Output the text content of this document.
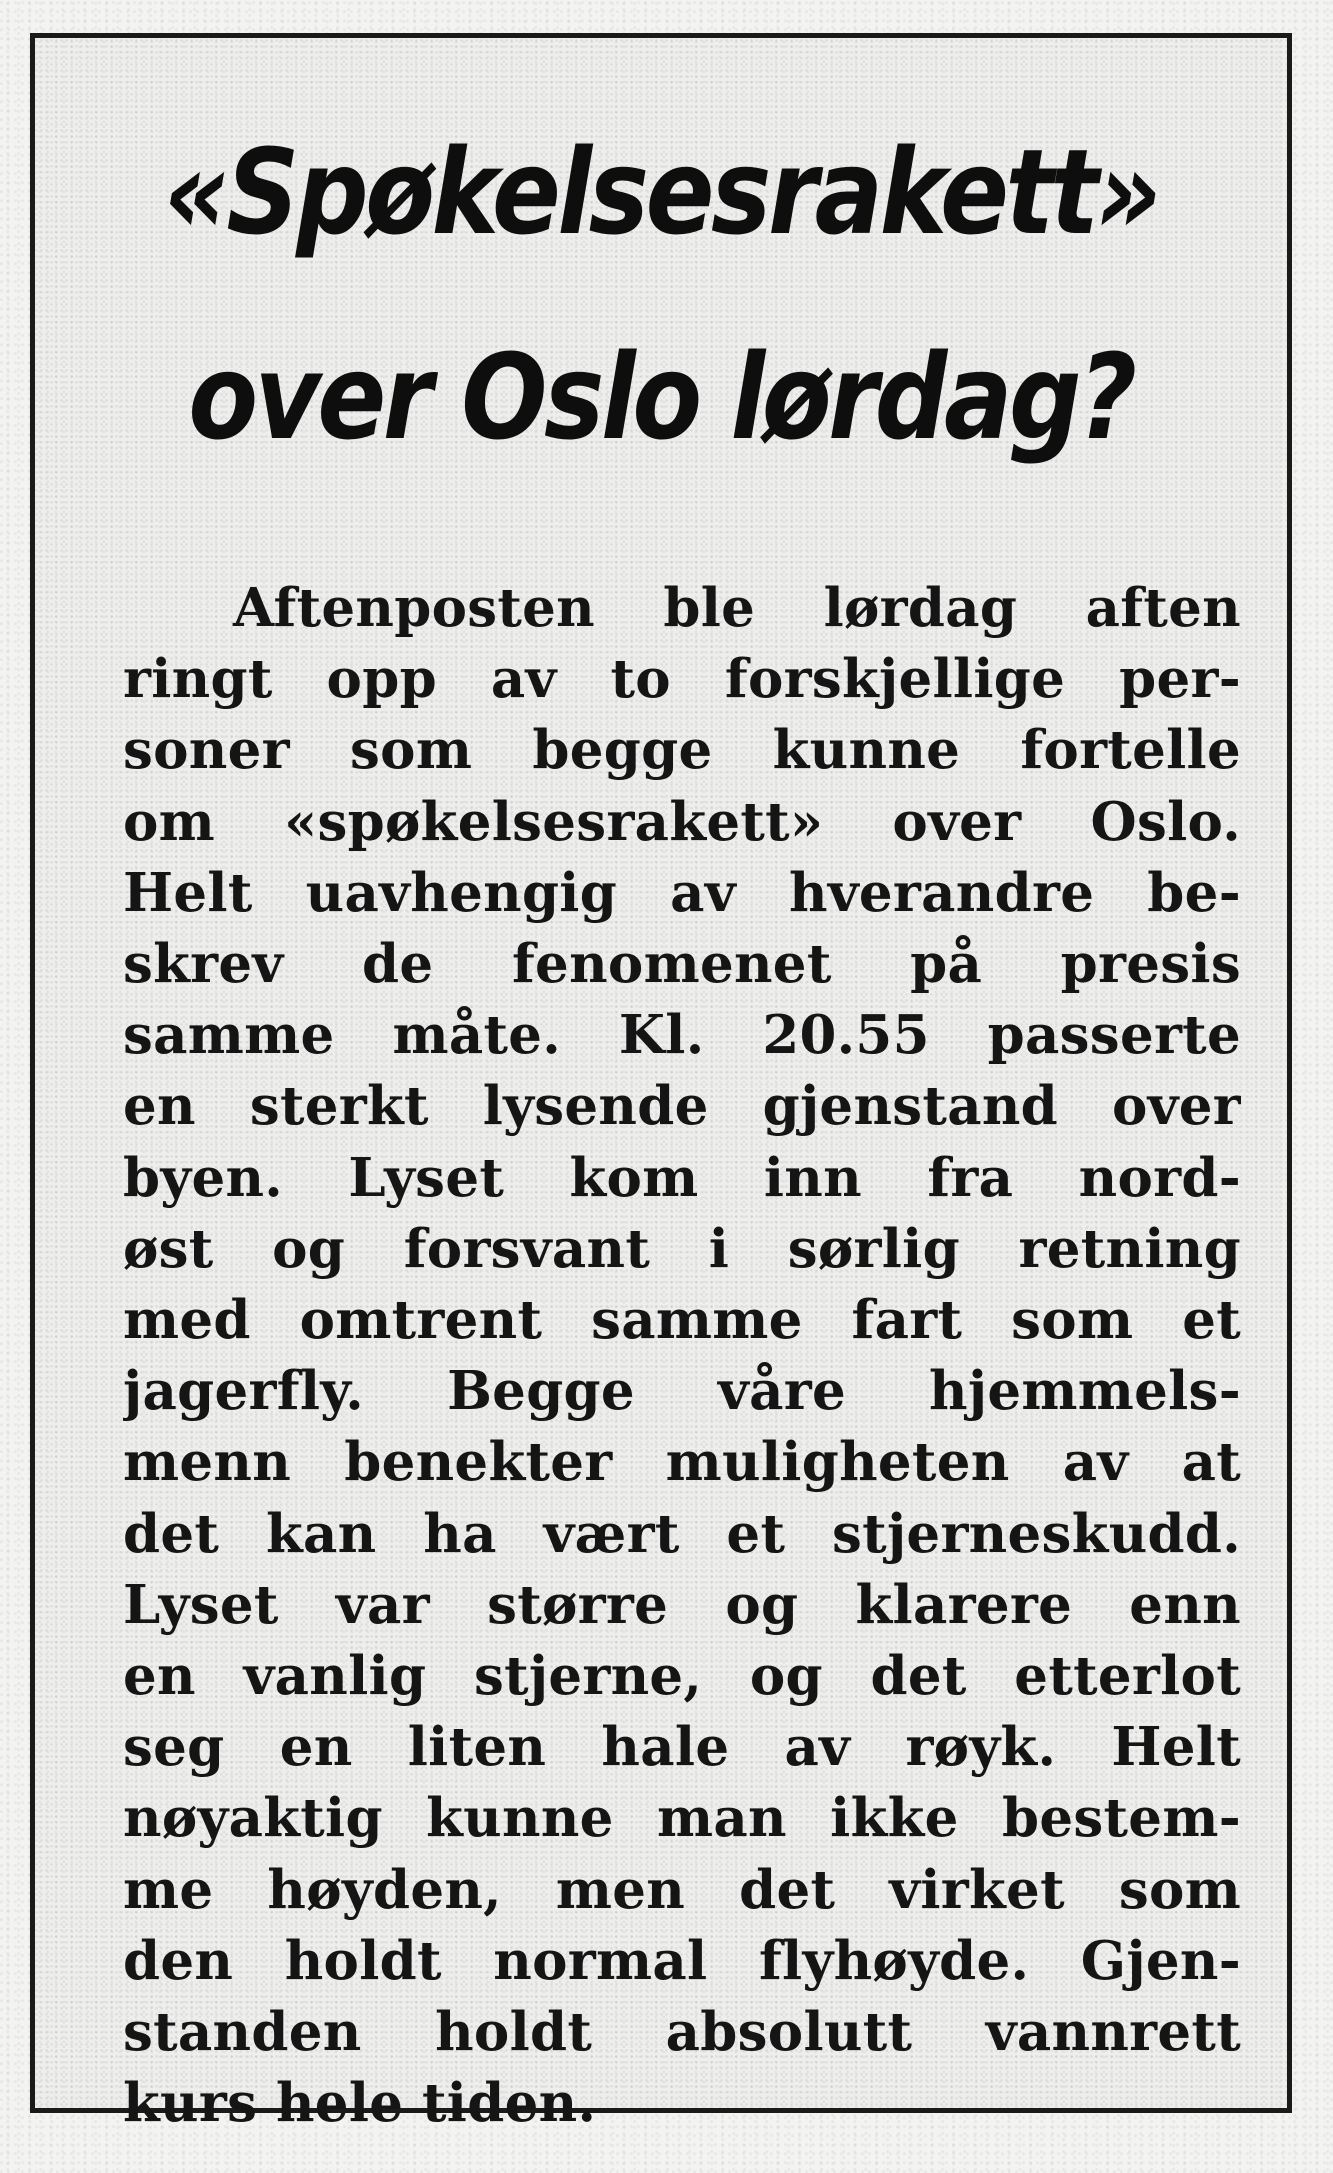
«Spøkelsesrakett»
over Oslo lørdag?
Aftenposten ble lørdag aften
ringt opp av to forskjellige per-
soner som begge kunne fortelle
om «spøkelsesrakett» over Oslo.
Helt uavhengig av hverandre be-
skrev de fenomenet på presis
samme måte. Kl. 20.55 passerte
en sterkt lysende gjenstand over
byen. Lyset kom inn fra nord-
øst og forsvant i sørlig retning
med omtrent samme fart som et
jagerfly. Begge våre hjemmels-
menn benekter muligheten av at
det kan ha vært et stjerneskudd.
Lyset var større og klarere enn
en vanlig stjerne, og det etterlot
seg en liten hale av røyk. Helt
nøyaktig kunne man ikke bestem-
me høyden, men det virket som
den holdt normal flyhøyde. Gjen-
standen holdt absolutt vannrett
kurs hele tiden.
